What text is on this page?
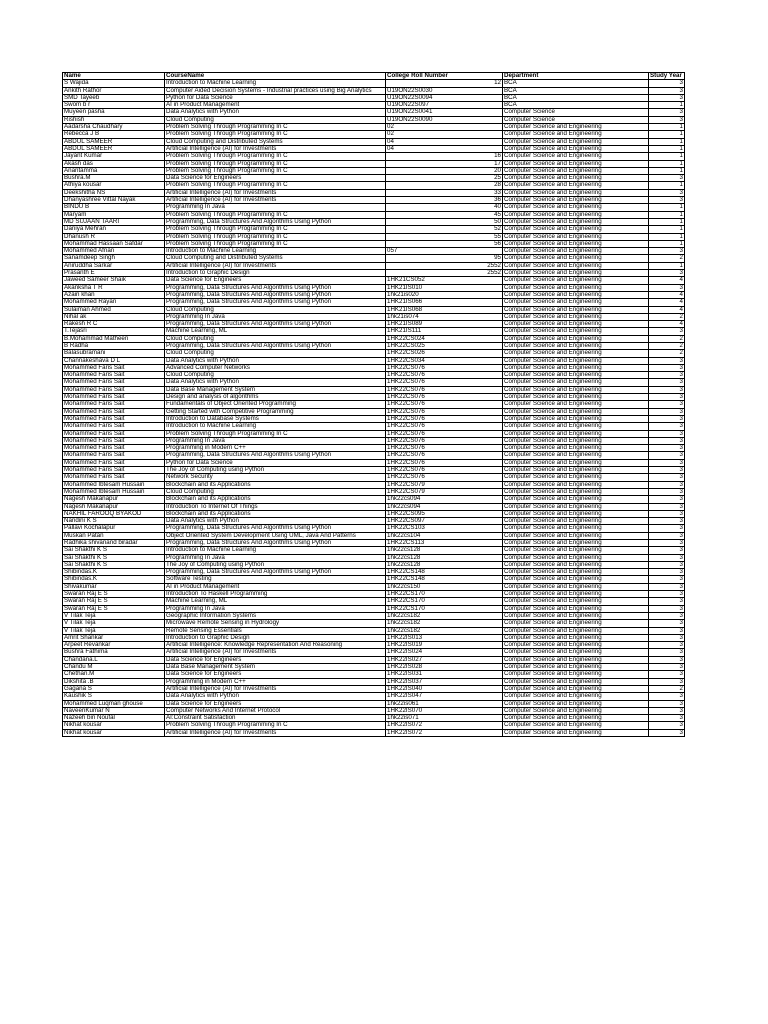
Name	CourseName	College Roll Number	Department	Study Year
S Wajida	Introduction to Machine Learning	12	BCA	3
Ankith Rathor	Computer Aided Decision Systems - Industrial practices using Big Analytics	U19ON22S0030	BCA	3
SMD Tayeeb	Python for Data Science	U19ON22S0094	BCA	3
Swom b r	AI in Product Management	U19ON22S097	BCA	1
Muyeen pasha	Data Analytics with Python	U19ON22S0041	Computer Science	3
Rishish	Cloud Computing	U19ON22S0090	Computer Science	3
Aadarsha Chaudhary	Problem Solving Through Programming In C	02	Computer Science and Engineering	1
Rebecca J B	Problem Solving Through Programming In C	02	Computer Science and Engineering	1
ABDUL SAMEER	Cloud Computing and Distributed Systems	04	Computer Science and Engineering	1
ABDUL SAMEER	Artificial Intelligence (AI) for Investments	04	Computer Science and Engineering	1
Jayant Kumar	Problem Solving Through Programming In C	16	Computer Science and Engineering	1
Akash das	Problem Solving Through Programming In C	17	Computer Science and Engineering	1
Anantamma	Problem Solving Through Programming In C	20	Computer Science and Engineering	1
Bushra.M	Data Science for Engineers	25	Computer Science and Engineering	3
Athiya kousar	Problem Solving Through Programming In C	28	Computer Science and Engineering	1
Deekshitha NS	Artificial Intelligence (AI) for Investments	33	Computer Science and Engineering	3
Dhanyashree Vittal Nayak	Artificial Intelligence (AI) for Investments	36	Computer Science and Engineering	3
BINDU B	Programming In Java	40	Computer Science and Engineering	1
Maryam	Problem Solving Through Programming In C	45	Computer Science and Engineering	1
MD SUJAAN TAARI	Programming, Data Structures And Algorithms Using Python	50	Computer Science and Engineering	1
Daniya Mehran	Problem Solving Through Programming In C	52	Computer Science and Engineering	1
Dhanush R	Problem Solving Through Programming In C	55	Computer Science and Engineering	1
Mohammad Hassaan Safdar	Problem Solving Through Programming In C	56	Computer Science and Engineering	1
Mohammed Afnan	Introduction to Machine Learning	057	Computer Science and Engineering	3
Sanamdeep Singh	Cloud Computing and Distributed Systems	95	Computer Science and Engineering	2
Aniruddha Sarkar	Artificial Intelligence (AI) for Investments	2552	Computer Science and Engineering	1
Prasanth E	Introduction to Graphic Design	2552	Computer Science and Engineering	3
Jaweed Sameer Shaik	Data Science for Engineers	1HK21CS052	Computer Science and Engineering	4
Akanksha T R	Programming, Data Structures And Algorithms Using Python	1HK21IS010	Computer Science and Engineering	3
Azain khan	Programming, Data Structures And Algorithms Using Python	1hk21is020	Computer Science and Engineering	4
Mohammed Rayan	Programming, Data Structures And Algorithms Using Python	1HK21IS066	Computer Science and Engineering	4
Sulaiman Ahmed	Cloud Computing	1HK21IS068	Computer Science and Engineering	4
Nihal ak	Programming In Java	1hk21is074	Computer Science and Engineering	2
Rakesh R C	Programming, Data Structures And Algorithms Using Python	1HK21IS089	Computer Science and Engineering	4
T.Tejasri	Machine Learning, ML	1HK21IS111	Computer Science and Engineering	3
B.Mohammad Matheen	Cloud Computing	1HK22CS024	Computer Science and Engineering	2
B Radha	Programming, Data Structures And Algorithms Using Python	1HK22CS025	Computer Science and Engineering	2
Balasubramani	Cloud Computing	1HK22CS026	Computer Science and Engineering	2
Channakeshava D L	Data Analytics with Python	1HK22CS034	Computer Science and Engineering	3
Mohammed Faris Sait	Advanced Computer Networks	1HK22CS076	Computer Science and Engineering	3
Mohammed Faris Sait	Cloud Computing	1HK22CS076	Computer Science and Engineering	3
Mohammed Faris Sait	Data Analytics with Python	1HK22CS076	Computer Science and Engineering	3
Mohammed Faris Sait	Data Base Management System	1HK22CS076	Computer Science and Engineering	3
Mohammed Faris Sait	Design and analysis of algorithms	1HK22CS076	Computer Science and Engineering	3
Mohammed Faris Sait	Fundamentals of Object Oriented Programming	1HK22CS076	Computer Science and Engineering	3
Mohammed Faris Sait	Getting Started with Competitive Programming	1HK22CS076	Computer Science and Engineering	3
Mohammed Faris Sait	Introduction to Database Systems	1HK22CS076	Computer Science and Engineering	3
Mohammed Faris Sait	Introduction to Machine Learning	1HK22CS076	Computer Science and Engineering	3
Mohammed Faris Sait	Problem Solving Through Programming In C	1HK22CS076	Computer Science and Engineering	3
Mohammed Faris Sait	Programming In Java	1HK22CS076	Computer Science and Engineering	3
Mohammed Faris Sait	Programming in Modern C++	1HK22CS076	Computer Science and Engineering	3
Mohammed Faris Sait	Programming, Data Structures And Algorithms Using Python	1HK22CS076	Computer Science and Engineering	3
Mohammed Faris Sait	Python for Data Science	1HK22CS076	Computer Science and Engineering	3
Mohammed Faris Sait	The Joy of Computing using Python	1HK22CS076	Computer Science and Engineering	3
Mohammed Faris Sait	Network Security	1HK22CS076	Computer Science and Engineering	3
Mohammed Ibtesam Hussain	Blockchain and its Applications	1HK22CS079	Computer Science and Engineering	3
Mohammed Ibtesam Hussain	Cloud Computing	1HK22CS079	Computer Science and Engineering	3
Nagesh Makanapur	Blockchain and its Applications	1hk22cs094	Computer Science and Engineering	3
Nagesh Makanapur	Introduction To Internet Of Things	1hk22cs094	Computer Science and Engineering	3
NAKHIL FAROOQ BYAKOD	Blockchain and its Applications	1HK22CS095	Computer Science and Engineering	3
Nandini K S	Data Analytics with Python	1HK22CS097	Computer Science and Engineering	3
Pallavi Kochalapur	Programming, Data Structures And Algorithms Using Python	1HK22CS103	Computer Science and Engineering	3
Muskan Patan	Object Oriented System Development Using UML, Java And Patterns	1hk22cs104	Computer Science and Engineering	3
Radhika shivanand biradar	Programming, Data Structures And Algorithms Using Python	1HK22CS113	Computer Science and Engineering	3
Sai Shakthi K S	Introduction to Machine Learning	1hk22cs128	Computer Science and Engineering	3
Sai Shakthi K S	Programming In Java	1hk22cs128	Computer Science and Engineering	3
Sai Shakthi K S	The Joy of Computing using Python	1hk22cs128	Computer Science and Engineering	3
Shibindas.K	Programming, Data Structures And Algorithms Using Python	1HK22CS148	Computer Science and Engineering	3
Shibindas.K	Software Testing	1HK22CS148	Computer Science and Engineering	3
Shivakumar	AI in Product Management	1hk22cs150	Computer Science and Engineering	3
Swaran Raj E S	Introduction To Haskell Programming	1HK22CS170	Computer Science and Engineering	3
Swaran Raj E S	Machine Learning, ML	1HK22CS170	Computer Science and Engineering	3
Swaran Raj E S	Programming In Java	1HK22CS170	Computer Science and Engineering	3
V Tilak Teja	Geographic Information Systems	1hk22cs182	Computer Science and Engineering	3
V Tilak Teja	Microwave Remote Sensing in Hydrology	1hk22cs182	Computer Science and Engineering	3
V Tilak Teja	Remote Sensing Essentials	1hk22cs182	Computer Science and Engineering	3
Amrit Shankar	Introduction to Graphic Design	1HK22IS013	Computer Science and Engineering	3
Arpeet Revankar	Artificial Intelligence: Knowledge Representation And Reasoning	1HK22IS019	Computer Science and Engineering	3
Bushra Fathima	Artificial Intelligence (AI) for Investments	1HK22IS024	Computer Science and Engineering	3
Chandana.L	Data Science for Engineers	1HK22IS027	Computer Science and Engineering	3
Chandu M	Data Base Management System	1HK22IS028	Computer Science and Engineering	3
Chethan.M	Data Science for Engineers	1HK22IS031	Computer Science and Engineering	3
Dikshita .B	Programming in Modern C++	1HK22IS037	Computer Science and Engineering	3
Gagana S	Artificial Intelligence (AI) for Investments	1HK22IS040	Computer Science and Engineering	2
Kaushik S	Data Analytics with Python	1HK22IS047	Computer Science and Engineering	3
Mohammed Luqman ghouse	Data Science for Engineers	1hk22is061	Computer Science and Engineering	3
NaveenKumar N	Computer Networks And Internet Protocol	1HK22IS070	Computer Science and Engineering	3
Nazeeh bin Noufal	AI:Constraint Satisfaction	1hk22is071	Computer Science and Engineering	3
Nikhat kousar	Problem Solving Through Programming In C	1HK22IS072	Computer Science and Engineering	3
Nikhat kousar	Artificial Intelligence (AI) for Investments	1HK22IS072	Computer Science and Engineering	3
